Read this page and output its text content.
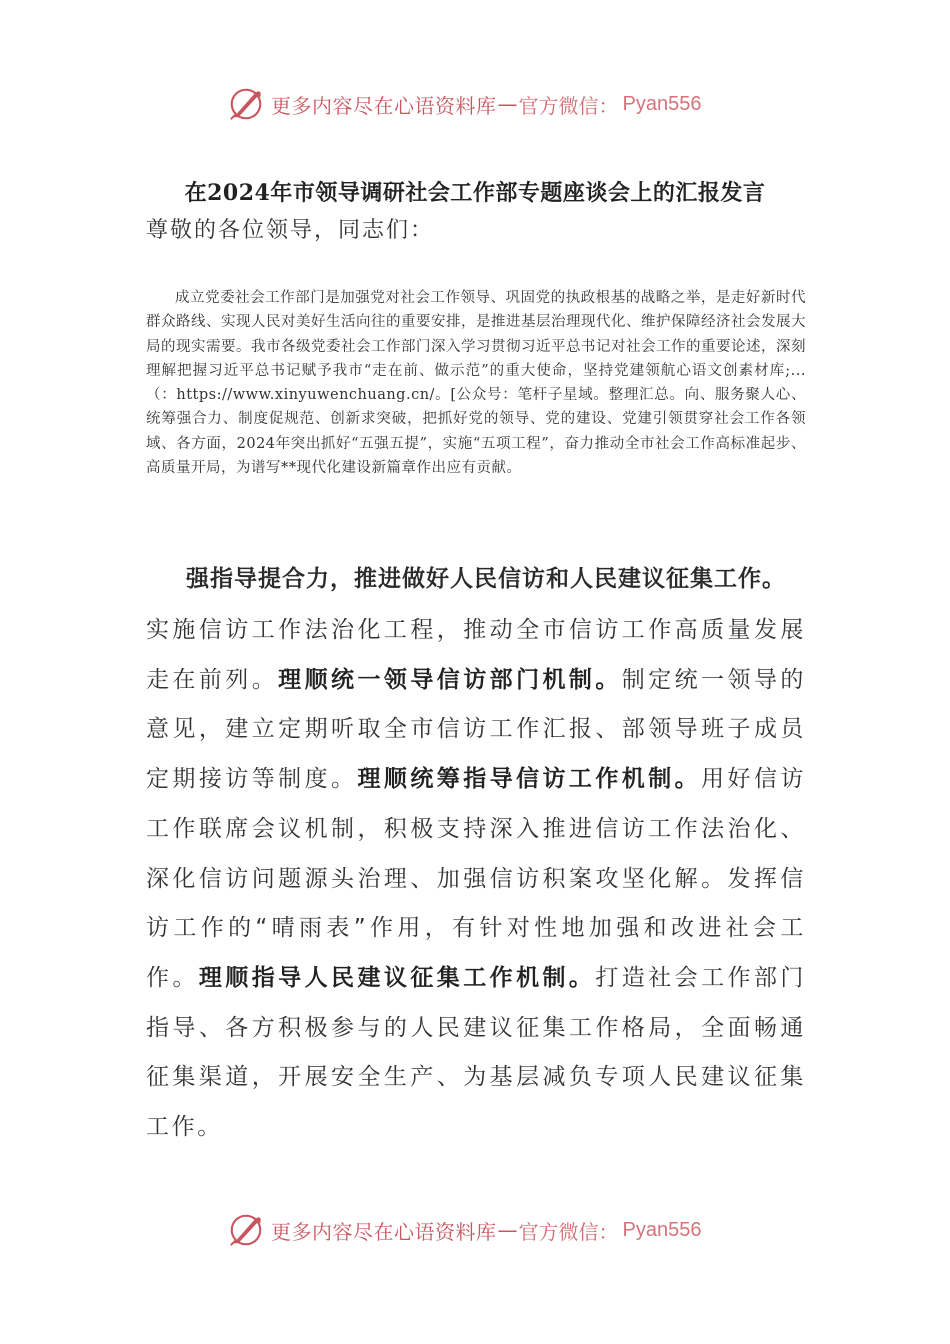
更多内容尽在心语资料库 — 官方微信： Pyan556
在2024年市领导调研社会工作部专题座谈会上的汇报发言
尊敬的各位领导，同志们：
成立党委社会工作部门是加强党对社会工作领导、巩固党的执政根基的战略之举，是走好新时代群众路线、实现人民对美好生活向往的重要安排，是推进基层治理现代化、维护保障经济社会发展大局的现实需要。我市各级党委社会工作部门深入学习贯彻习近平总书记对社会工作的重要论述，深刻理解把握习近平总书记赋予我市“走在前、做示范”的重大使命，坚持党建领航心语文创素材库;...（：https://www.xinyuwenchuang.cn/。[公众号：笔杆子星域。整理汇总。向、服务聚人心、统筹强合力、制度促规范、创新求突破，把抓好党的领导、党的建设、党建引领贯穿社会工作各领域、各方面，2024年突出抓好“五强五提”，实施“五项工程”，奋力推动全市社会工作高标准起步、高质量开局，为谱写**现代化建设新篇章作出应有贡献。
强指导提合力，推进做好人民信访和人民建议征集工作。
实施信访工作法治化工程，推动全市信访工作高质量发展走在前列。理顺统一领导信访部门机制。制定统一领导的意见，建立定期听取全市信访工作汇报、部领导班子成员定期接访等制度。理顺统筹指导信访工作机制。用好信访工作联席会议机制，积极支持深入推进信访工作法治化、深化信访问题源头治理、加强信访积案攻坚化解。发挥信访工作的“晴雨表”作用，有针对性地加强和改进社会工作。理顺指导人民建议征集工作机制。打造社会工作部门指导、各方积极参与的人民建议征集工作格局，全面畅通征集渠道，开展安全生产、为基层减负专项人民建议征集工作。
更多内容尽在心语资料库 — 官方微信： Pyan556
